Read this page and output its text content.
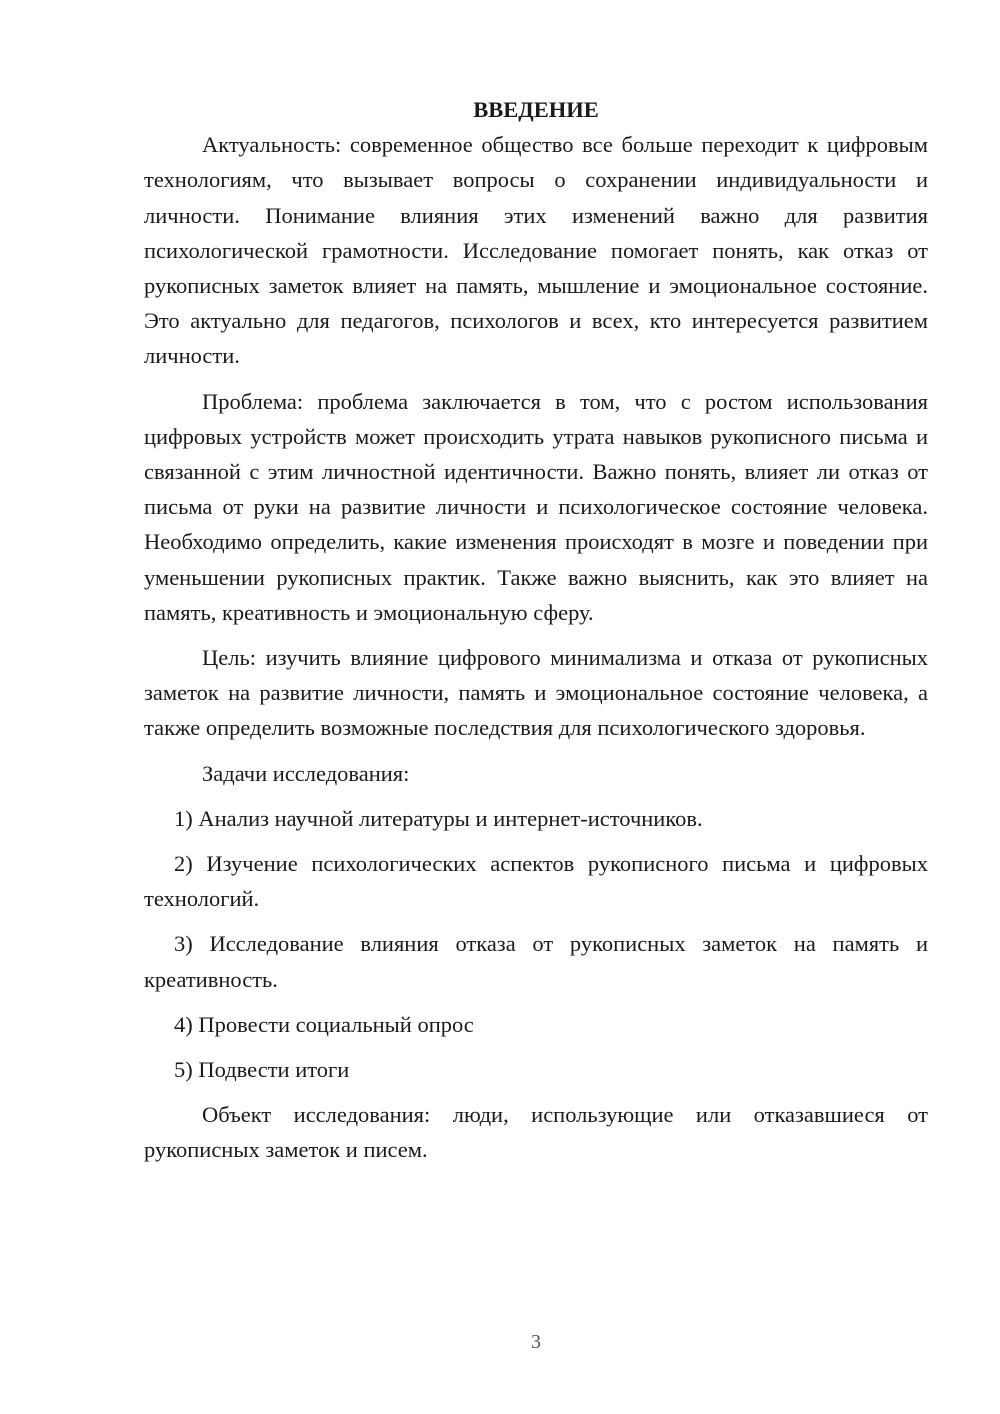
ВВЕДЕНИЕ

Актуальность: современное общество все больше переходит к цифровым технологиям, что вызывает вопросы о сохранении индивидуальности и личности. Понимание влияния этих изменений важно для развития психологической грамотности. Исследование помогает понять, как отказ от рукописных заметок влияет на память, мышление и эмоциональное состояние. Это актуально для педагогов, психологов и всех, кто интересуется развитием личности.

Проблема: проблема заключается в том, что с ростом использования цифровых устройств может происходить утрата навыков рукописного письма и связанной с этим личностной идентичности. Важно понять, влияет ли отказ от письма от руки на развитие личности и психологическое состояние человека. Необходимо определить, какие изменения происходят в мозге и поведении при уменьшении рукописных практик. Также важно выяснить, как это влияет на память, креативность и эмоциональную сферу.

Цель: изучить влияние цифрового минимализма и отказа от рукописных заметок на развитие личности, память и эмоциональное состояние человека, а также определить возможные последствия для психологического здоровья.

Задачи исследования:

1) Анализ научной литературы и интернет-источников.

2) Изучение психологических аспектов рукописного письма и цифровых технологий.

3) Исследование влияния отказа от рукописных заметок на память и креативность.

4) Провести социальный опрос

5) Подвести итоги

Объект исследования: люди, использующие или отказавшиеся от рукописных заметок и писем.

3
